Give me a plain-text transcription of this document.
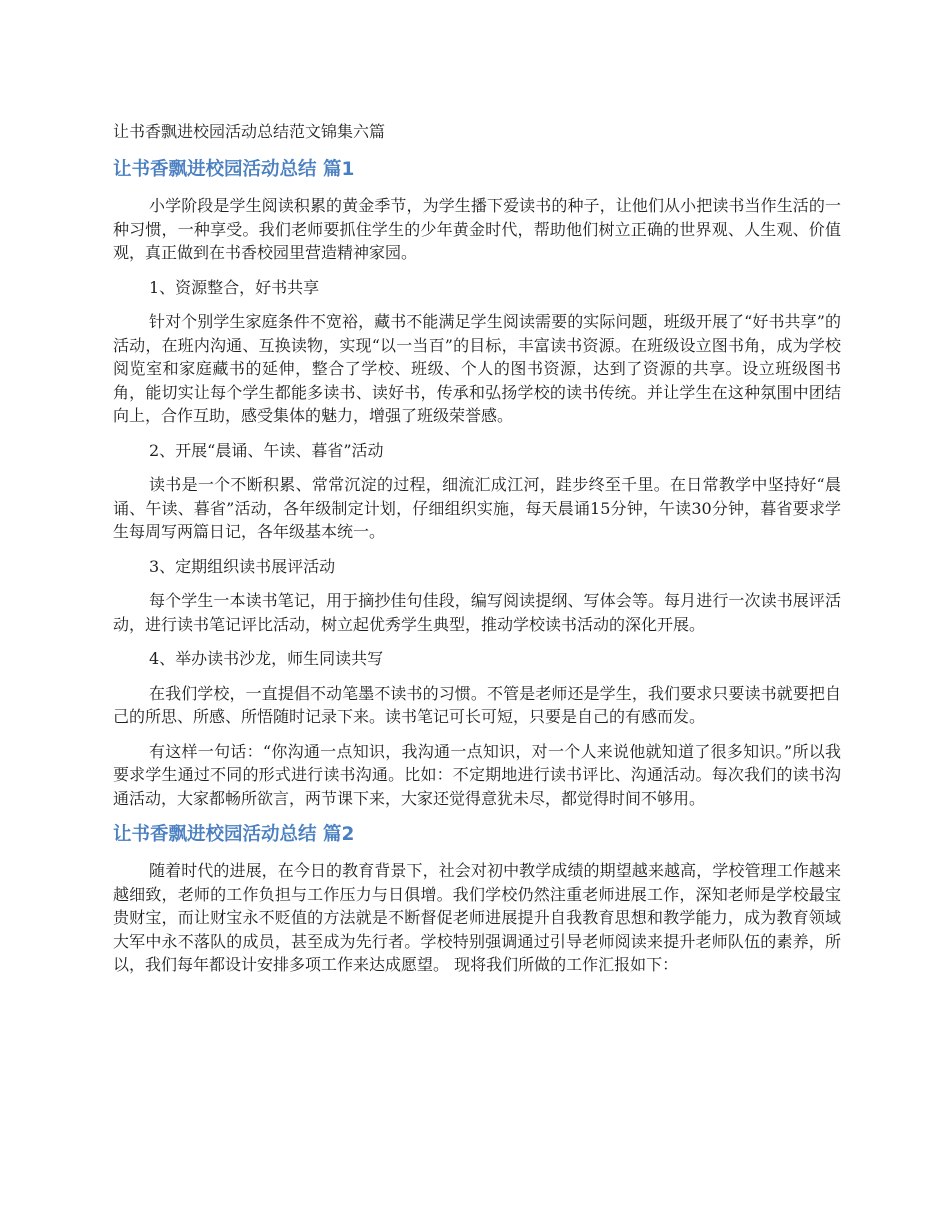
让书香飘进校园活动总结范文锦集六篇
让书香飘进校园活动总结 篇1

小学阶段是学生阅读积累的黄金季节，为学生播下爱读书的种子，让他们从小把读书当作生活的一种习惯，一种享受。我们老师要抓住学生的少年黄金时代，帮助他们树立正确的世界观、人生观、价值观，真正做到在书香校园里营造精神家园。

1、资源整合，好书共享

针对个别学生家庭条件不宽裕，藏书不能满足学生阅读需要的实际问题，班级开展了“好书共享”的活动，在班内沟通、互换读物，实现“以一当百”的目标，丰富读书资源。在班级设立图书角，成为学校阅览室和家庭藏书的延伸，整合了学校、班级、个人的图书资源，达到了资源的共享。设立班级图书角，能切实让每个学生都能多读书、读好书，传承和弘扬学校的读书传统。并让学生在这种氛围中团结向上，合作互助，感受集体的魅力，增强了班级荣誉感。

2、开展“晨诵、午读、暮省”活动

读书是一个不断积累、常常沉淀的过程，细流汇成江河，跬步终至千里。在日常教学中坚持好“晨诵、午读、暮省”活动，各年级制定计划，仔细组织实施，每天晨诵15分钟，午读30分钟，暮省要求学生每周写两篇日记，各年级基本统一。

3、定期组织读书展评活动

每个学生一本读书笔记，用于摘抄佳句佳段，编写阅读提纲、写体会等。每月进行一次读书展评活动，进行读书笔记评比活动，树立起优秀学生典型，推动学校读书活动的深化开展。

4、举办读书沙龙，师生同读共写

在我们学校，一直提倡不动笔墨不读书的习惯。不管是老师还是学生，我们要求只要读书就要把自己的所思、所感、所悟随时记录下来。读书笔记可长可短，只要是自己的有感而发。

有这样一句话：“你沟通一点知识，我沟通一点知识，对一个人来说他就知道了很多知识。”所以我要求学生通过不同的形式进行读书沟通。比如：不定期地进行读书评比、沟通活动。每次我们的读书沟通活动，大家都畅所欲言，两节课下来，大家还觉得意犹未尽，都觉得时间不够用。

让书香飘进校园活动总结 篇2

随着时代的进展，在今日的教育背景下，社会对初中教学成绩的期望越来越高，学校管理工作越来越细致，老师的工作负担与工作压力与日俱增。我们学校仍然注重老师进展工作，深知老师是学校最宝贵财宝，而让财宝永不贬值的方法就是不断督促老师进展提升自我教育思想和教学能力，成为教育领域大军中永不落队的成员，甚至成为先行者。学校特别强调通过引导老师阅读来提升老师队伍的素养，所以，我们每年都设计安排多项工作来达成愿望。 现将我们所做的工作汇报如下：
